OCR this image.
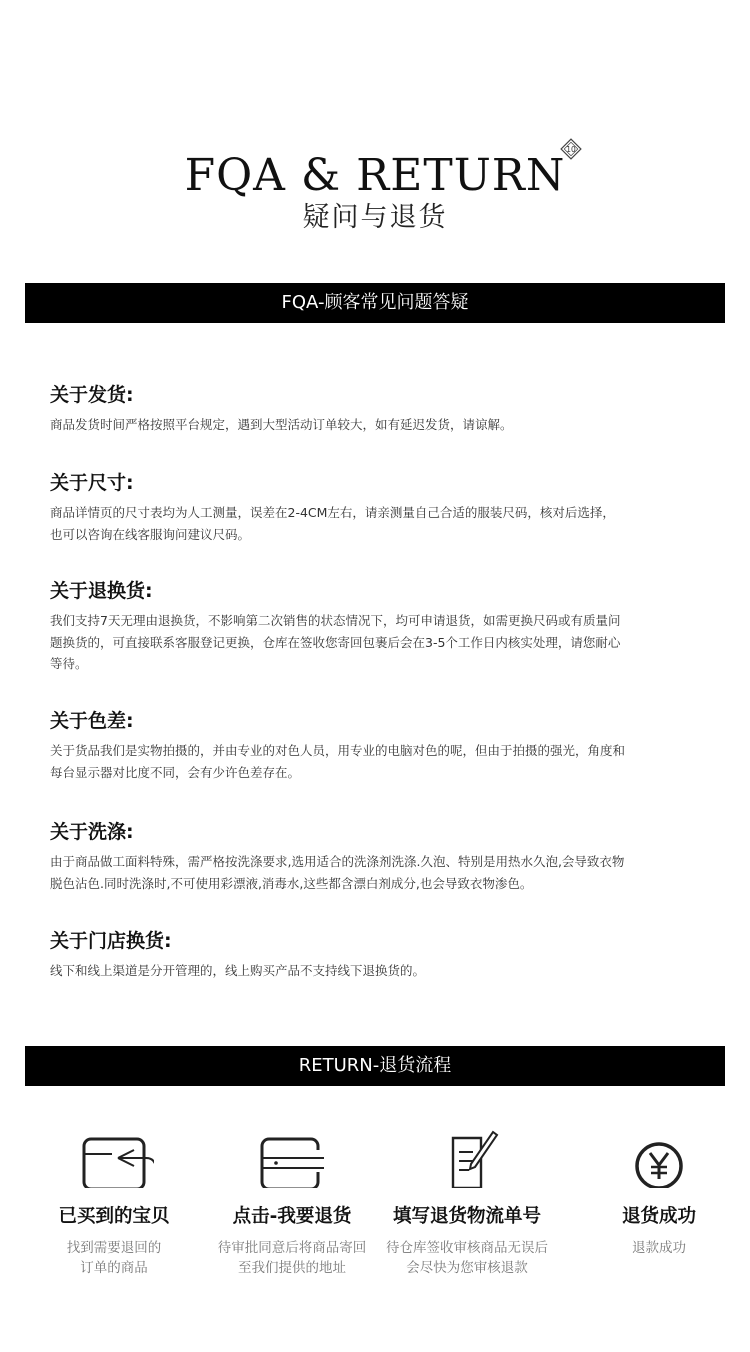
FQA & RETURN
疑问与退货
10
FQA-顾客常见问题答疑
关于发货:

商品发货时间严格按照平台规定，遇到大型活动订单较大，如有延迟发货，请谅解。

关于尺寸:

商品详情页的尺寸表均为人工测量，误差在2-4CM左右，请亲测量自己合适的服装尺码，核对后选择，
也可以咨询在线客服询问建议尺码。

关于退换货:

我们支持7天无理由退换货，不影响第二次销售的状态情况下，均可申请退货，如需更换尺码或有质量问
题换货的，可直接联系客服登记更换，仓库在签收您寄回包裹后会在3-5个工作日内核实处理，请您耐心
等待。

关于色差:

关于货品我们是实物拍摄的，并由专业的对色人员，用专业的电脑对色的呢，但由于拍摄的强光，角度和
每台显示器对比度不同，会有少许色差存在。

关于洗涤:

由于商品做工面料特殊，需严格按洗涤要求,选用适合的洗涤剂洗涤.久泡、特别是用热水久泡,会导致衣物
脱色沾色.同时洗涤时,不可使用彩漂液,消毒水,这些都含漂白剂成分,也会导致衣物渗色。

关于门店换货:

线下和线上渠道是分开管理的，线上购买产品不支持线下退换货的。

RETURN-退货流程
已买到的宝贝
找到需要退回的
订单的商品
点击-我要退货
待审批同意后将商品寄回
至我们提供的地址
填写退货物流单号
待仓库签收审核商品无误后
会尽快为您审核退款
退货成功
退款成功
